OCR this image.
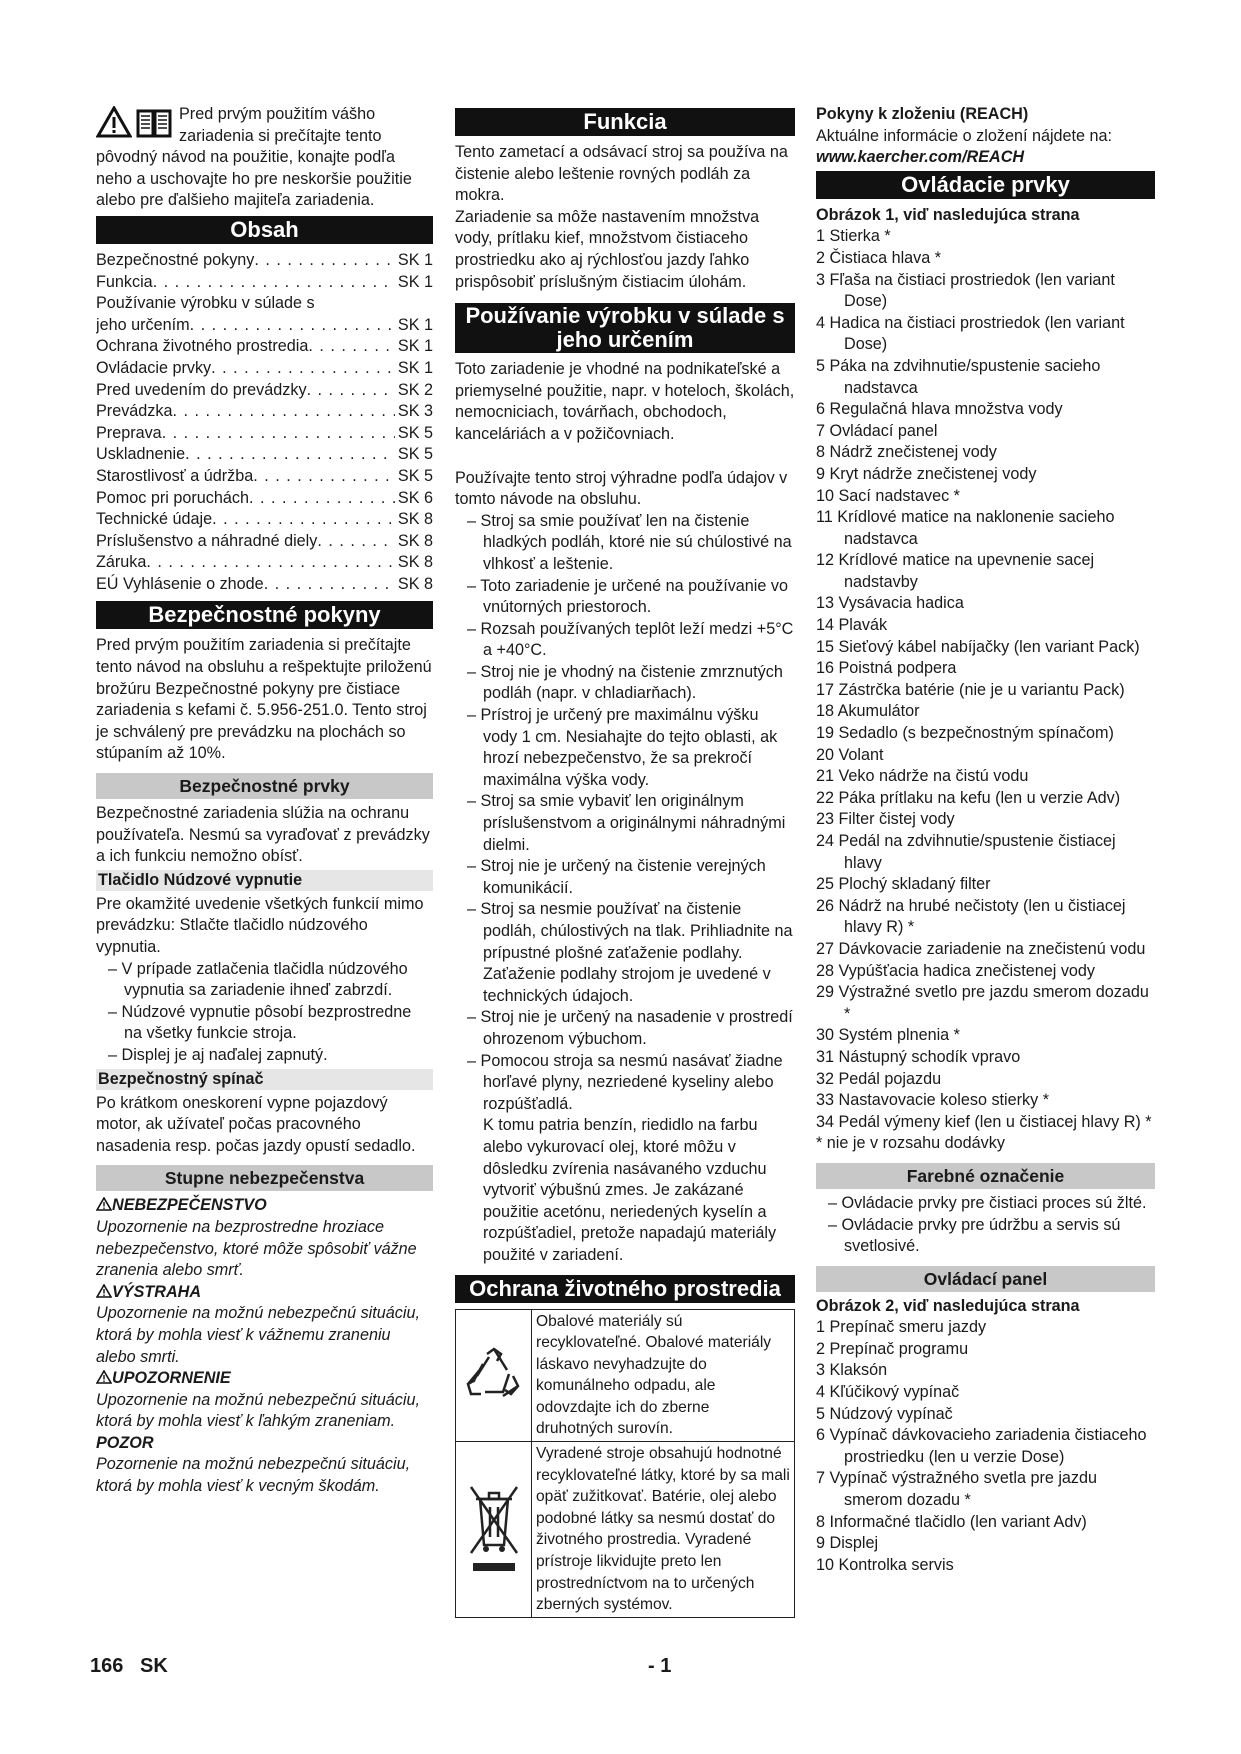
Pred prvým použitím vášho zariadenia si prečítajte tento pôvodný návod na použitie, konajte podľa neho a uschovajte ho pre neskoršie použitie alebo pre ďalšieho majiteľa zariadenia.

Obsah
Bezpečnostné pokyny . . .	SK 1
Funkcia . . .	SK 1
Používanie výrobku v súlade s
jeho určením . . .	SK 1
Ochrana životného prostredia . . .	SK 1
Ovládacie prvky . . .	SK 1
Pred uvedením do prevádzky . . .	SK 2
Prevádzka . . .	SK 3
Preprava . . .	SK 5
Uskladnenie . . .	SK 5
Starostlivosť a údržba . . .	SK 5
Pomoc pri poruchách . . .	SK 6
Technické údaje . . .	SK 8
Príslušenstvo a náhradné diely . . .	SK 8
Záruka . . .	SK 8
EÚ Vyhlásenie o zhode . . .	SK 8
Bezpečnostné pokyny

Pred prvým použitím zariadenia si prečítajte tento návod na obsluhu a rešpektujte priloženú brožúru Bezpečnostné pokyny pre čistiace zariadenia s kefami č. 5.956-251.0. Tento stroj je schválený pre prevádzku na plochách so stúpaním až 10%.

Bezpečnostné prvky

Bezpečnostné zariadenia slúžia na ochranu používateľa. Nesmú sa vyraďovať z prevádzky a ich funkciu nemožno obísť.

Tlačidlo Núdzové vypnutie

Pre okamžité uvedenie všetkých funkcií mimo prevádzku: Stlačte tlačidlo núdzového vypnutia.

– V prípade zatlačenia tlačidla núdzového vypnutia sa zariadenie ihneď zabrzdí.
– Núdzové vypnutie pôsobí bezprostredne na všetky funkcie stroja.
– Displej je aj naďalej zapnutý.
Bezpečnostný spínač

Po krátkom oneskorení vypne pojazdový motor, ak užívateľ počas pracovného nasadenia resp. počas jazdy opustí sedadlo.

Stupne nebezpečenstva

NEBEZPEČENSTVO

Upozornenie na bezprostredne hroziace nebezpečenstvo, ktoré môže spôsobiť vážne zranenia alebo smrť.

VÝSTRAHA

Upozornenie na možnú nebezpečnú situáciu, ktorá by mohla viesť k vážnemu zraneniu alebo smrti.

UPOZORNENIE

Upozornenie na možnú nebezpečnú situáciu, ktorá by mohla viesť k ľahkým zraneniam.

POZOR

Pozornenie na možnú nebezpečnú situáciu, ktorá by mohla viesť k vecným škodám.

Funkcia

Tento zametací a odsávací stroj sa používa na čistenie alebo leštenie rovných podláh za mokra.

Zariadenie sa môže nastavením množstva vody, prítlaku kief, množstvom čistiaceho prostriedku ako aj rýchlosťou jazdy ľahko prispôsobiť príslušným čistiacim úlohám.

Používanie výrobku v súlade s jeho určením

Toto zariadenie je vhodné na podnikateľské a priemyselné použitie, napr. v hoteloch, školách, nemocniciach, továrňach, obchodoch, kanceláriách a v požičovniach.

Používajte tento stroj výhradne podľa údajov v tomto návode na obsluhu.

– Stroj sa smie používať len na čistenie hladkých podláh, ktoré nie sú chúlostivé na vlhkosť a leštenie.
– Toto zariadenie je určené na používanie vo vnútorných priestoroch.
– Rozsah používaných teplôt leží medzi +5°C a +40°C.
– Stroj nie je vhodný na čistenie zmrznutých podláh (napr. v chladiarňach).
– Prístroj je určený pre maximálnu výšku vody 1 cm. Nesiahajte do tejto oblasti, ak hrozí nebezpečenstvo, že sa prekročí maximálna výška vody.
– Stroj sa smie vybaviť len originálnym príslušenstvom a originálnymi náhradnými dielmi.
– Stroj nie je určený na čistenie verejných komunikácií.
– Stroj sa nesmie používať na čistenie podláh, chúlostivých na tlak. Prihliadnite na prípustné plošné zaťaženie podlahy. Zaťaženie podlahy strojom je uvedené v technických údajoch.
– Stroj nie je určený na nasadenie v prostredí ohrozenom výbuchom.
– Pomocou stroja sa nesmú nasávať žiadne horľavé plyny, nezriedené kyseliny alebo rozpúšťadlá.

K tomu patria benzín, riedidlo na farbu alebo vykurovací olej, ktoré môžu v dôsledku zvírenia nasávaného vzduchu vytvoriť výbušnú zmes. Je zakázané použitie acetónu, neriedených kyselín a rozpúšťadiel, pretože napadajú materiály použité v zariadení.

Ochrana životného prostredia
Obalové materiály sú recyklovateľné. Obalové materiály láskavo nevyhadzujte do komunálneho odpadu, ale odovzdajte ich do zberne druhotných surovín.
Vyradené stroje obsahujú hodnotné recyklovateľné látky, ktoré by sa mali opäť zužitkovať. Batérie, olej alebo podobné látky sa nesmú dostať do životného prostredia. Vyradené prístroje likvidujte preto len prostredníctvom na to určených zberných systémov.

Pokyny k zloženiu (REACH)

Aktuálne informácie o zložení nájdete na:

www.kaercher.com/REACH

Ovládacie prvky

Obrázok 1, viď nasledujúca strana

1 Stierka *
2 Čistiaca hlava *
3 Fľaša na čistiaci prostriedok (len variant Dose)
4 Hadica na čistiaci prostriedok (len variant Dose)
5 Páka na zdvihnutie/spustenie sacieho nadstavca
6 Regulačná hlava množstva vody
7 Ovládací panel
8 Nádrž znečistenej vody
9 Kryt nádrže znečistenej vody
10 Sací nadstavec *
11 Krídlové matice na naklonenie sacieho nadstavca
12 Krídlové matice na upevnenie sacej nadstavby
13 Vysávacia hadica
14 Plavák
15 Sieťový kábel nabíjačky (len variant Pack)
16 Poistná podpera
17 Zástrčka batérie (nie je u variantu Pack)
18 Akumulátor
19 Sedadlo (s bezpečnostným spínačom)
20 Volant
21 Veko nádrže na čistú vodu
22 Páka prítlaku na kefu (len u verzie Adv)
23 Filter čistej vody
24 Pedál na zdvihnutie/spustenie čistiacej hlavy
25 Plochý skladaný filter
26 Nádrž na hrubé nečistoty (len u čistiacej hlavy R) *
27 Dávkovacie zariadenie na znečistenú vodu
28 Vypúšťacia hadica znečistenej vody
29 Výstražné svetlo pre jazdu smerom dozadu *
30 Systém plnenia *
31 Nástupný schodík vpravo
32 Pedál pojazdu
33 Nastavovacie koleso stierky *
34 Pedál výmeny kief (len u čistiacej hlavy R) *

* nie je v rozsahu dodávky

Farebné označenie
– Ovládacie prvky pre čistiaci proces sú žlté.
– Ovládacie prvky pre údržbu a servis sú svetlosivé.
Ovládací panel

Obrázok 2, viď nasledujúca strana

1 Prepínač smeru jazdy
2 Prepínač programu
3 Klaksón
4 Kľúčikový vypínač
5 Núdzový vypínač
6 Vypínač dávkovacieho zariadenia čistiaceho prostriedku (len u verzie Dose)
7 Vypínač výstražného svetla pre jazdu smerom dozadu *
8 Informačné tlačidlo (len variant Adv)
9 Displej
10 Kontrolka servis
166 SK	- 1
